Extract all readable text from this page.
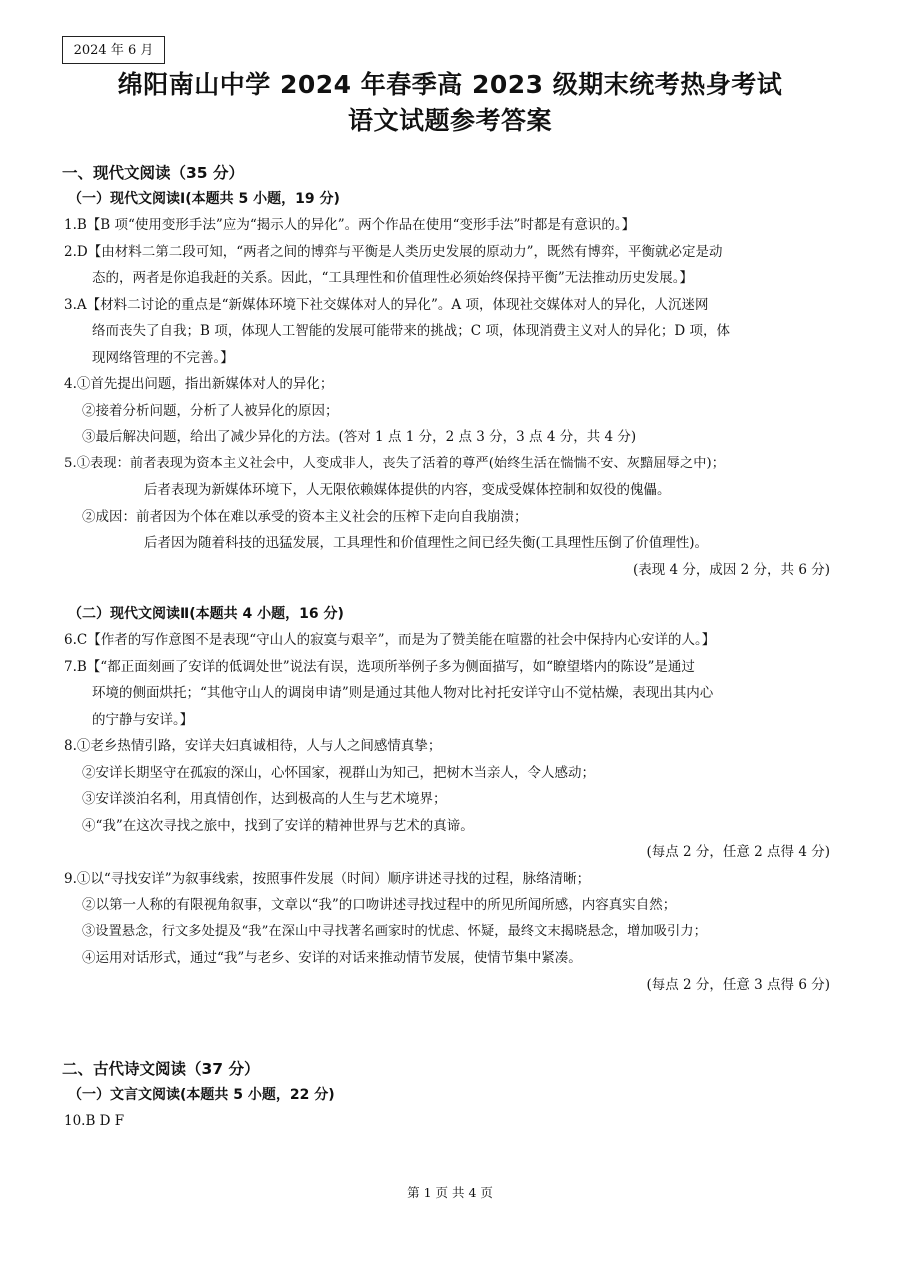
2024 年 6 月
绵阳南山中学 2024 年春季高 2023 级期末统考热身考试
语文试题参考答案
一、现代文阅读（35 分）
（一）现代文阅读Ⅰ(本题共 5 小题，19 分)
1.B【B 项“使用变形手法”应为“揭示人的异化”。两个作品在使用“变形手法”时都是有意识的。】
2.D【由材料二第二段可知，“两者之间的博弈与平衡是人类历史发展的原动力”，既然有博弈，平衡就必定是动
态的，两者是你追我赶的关系。因此，“工具理性和价值理性必须始终保持平衡”无法推动历史发展。】
3.A【材料二讨论的重点是“新媒体环境下社交媒体对人的异化”。A 项，体现社交媒体对人的异化，人沉迷网
络而丧失了自我；B 项，体现人工智能的发展可能带来的挑战；C 项，体现消费主义对人的异化；D 项，体
现网络管理的不完善。】
4.①首先提出问题，指出新媒体对人的异化；
②接着分析问题，分析了人被异化的原因；
③最后解决问题，给出了减少异化的方法。(答对 1 点 1 分，2 点 3 分，3 点 4 分，共 4 分)
5.①表现：前者表现为资本主义社会中，人变成非人，丧失了活着的尊严(始终生活在惴惴不安、灰黯屈辱之中)；
后者表现为新媒体环境下，人无限依赖媒体提供的内容，变成受媒体控制和奴役的傀儡。
②成因：前者因为个体在难以承受的资本主义社会的压榨下走向自我崩溃；
后者因为随着科技的迅猛发展，工具理性和价值理性之间已经失衡(工具理性压倒了价值理性)。
(表现 4 分，成因 2 分，共 6 分)
（二）现代文阅读Ⅱ(本题共 4 小题，16 分)
6.C【作者的写作意图不是表现“守山人的寂寞与艰辛”，而是为了赞美能在喧嚣的社会中保持内心安详的人。】
7.B【“都正面刻画了安详的低调处世”说法有误，选项所举例子多为侧面描写，如“瞭望塔内的陈设”是通过
环境的侧面烘托；“其他守山人的调岗申请”则是通过其他人物对比衬托安详守山不觉枯燥，表现出其内心
的宁静与安详。】
8.①老乡热情引路，安详夫妇真诚相待，人与人之间感情真挚；
②安详长期坚守在孤寂的深山，心怀国家，视群山为知己，把树木当亲人，令人感动；
③安详淡泊名利，用真情创作，达到极高的人生与艺术境界；
④“我”在这次寻找之旅中，找到了安详的精神世界与艺术的真谛。
(每点 2 分，任意 2 点得 4 分)
9.①以“寻找安详”为叙事线索，按照事件发展（时间）顺序讲述寻找的过程，脉络清晰；
②以第一人称的有限视角叙事，文章以“我”的口吻讲述寻找过程中的所见所闻所感，内容真实自然；
③设置悬念，行文多处提及“我”在深山中寻找著名画家时的忧虑、怀疑，最终文末揭晓悬念，增加吸引力；
④运用对话形式，通过“我”与老乡、安详的对话来推动情节发展，使情节集中紧凑。
(每点 2 分，任意 3 点得 6 分)
二、古代诗文阅读（37 分）
（一）文言文阅读(本题共 5 小题，22 分)
10.B D F
第 1 页 共 4 页
